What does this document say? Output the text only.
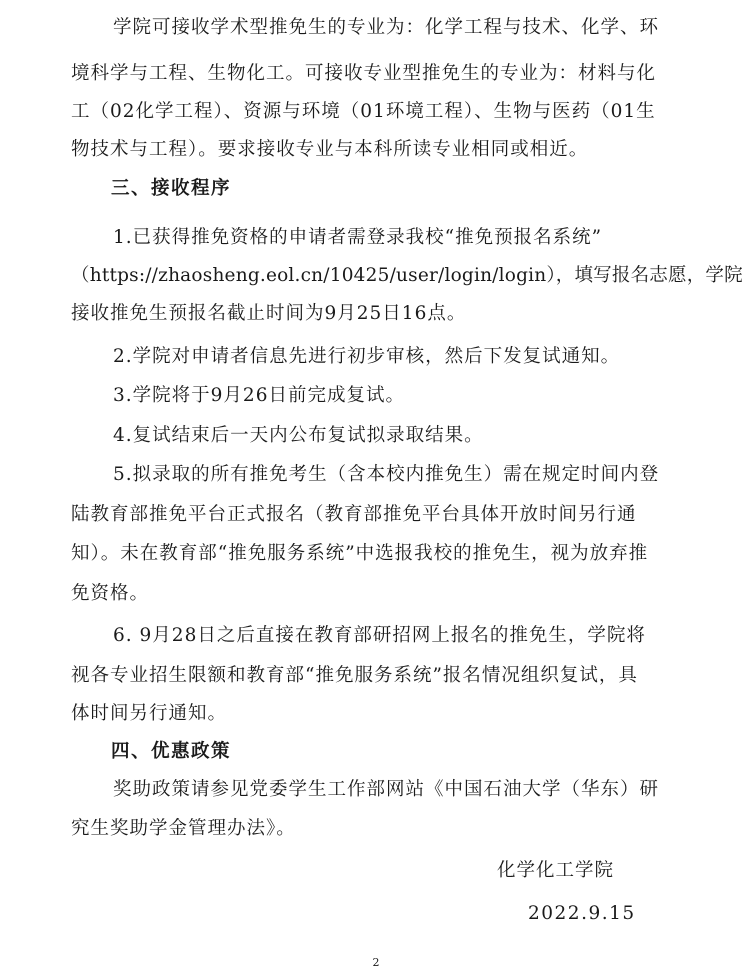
学院可接收学术型推免生的专业为：化学工程与技术、化学、环
境科学与工程、生物化工。可接收专业型推免生的专业为：材料与化
工（02化学工程）、资源与环境（01环境工程）、生物与医药（01生
物技术与工程）。要求接收专业与本科所读专业相同或相近。
三、接收程序
1.已获得推免资格的申请者需登录我校“推免预报名系统”
（https://zhaosheng.eol.cn/10425/user/login/login），填写报名志愿，学院
接收推免生预报名截止时间为9月25日16点。
2.学院对申请者信息先进行初步审核，然后下发复试通知。
3.学院将于9月26日前完成复试。
4.复试结束后一天内公布复试拟录取结果。
5.拟录取的所有推免考生（含本校内推免生）需在规定时间内登
陆教育部推免平台正式报名（教育部推免平台具体开放时间另行通
知）。未在教育部“推免服务系统”中选报我校的推免生，视为放弃推
免资格。
6. 9月28日之后直接在教育部研招网上报名的推免生，学院将
视各专业招生限额和教育部“推免服务系统”报名情况组织复试，具
体时间另行通知。
四、优惠政策
奖助政策请参见党委学生工作部网站《中国石油大学（华东）研
究生奖助学金管理办法》。
化学化工学院
2022.9.15
2
